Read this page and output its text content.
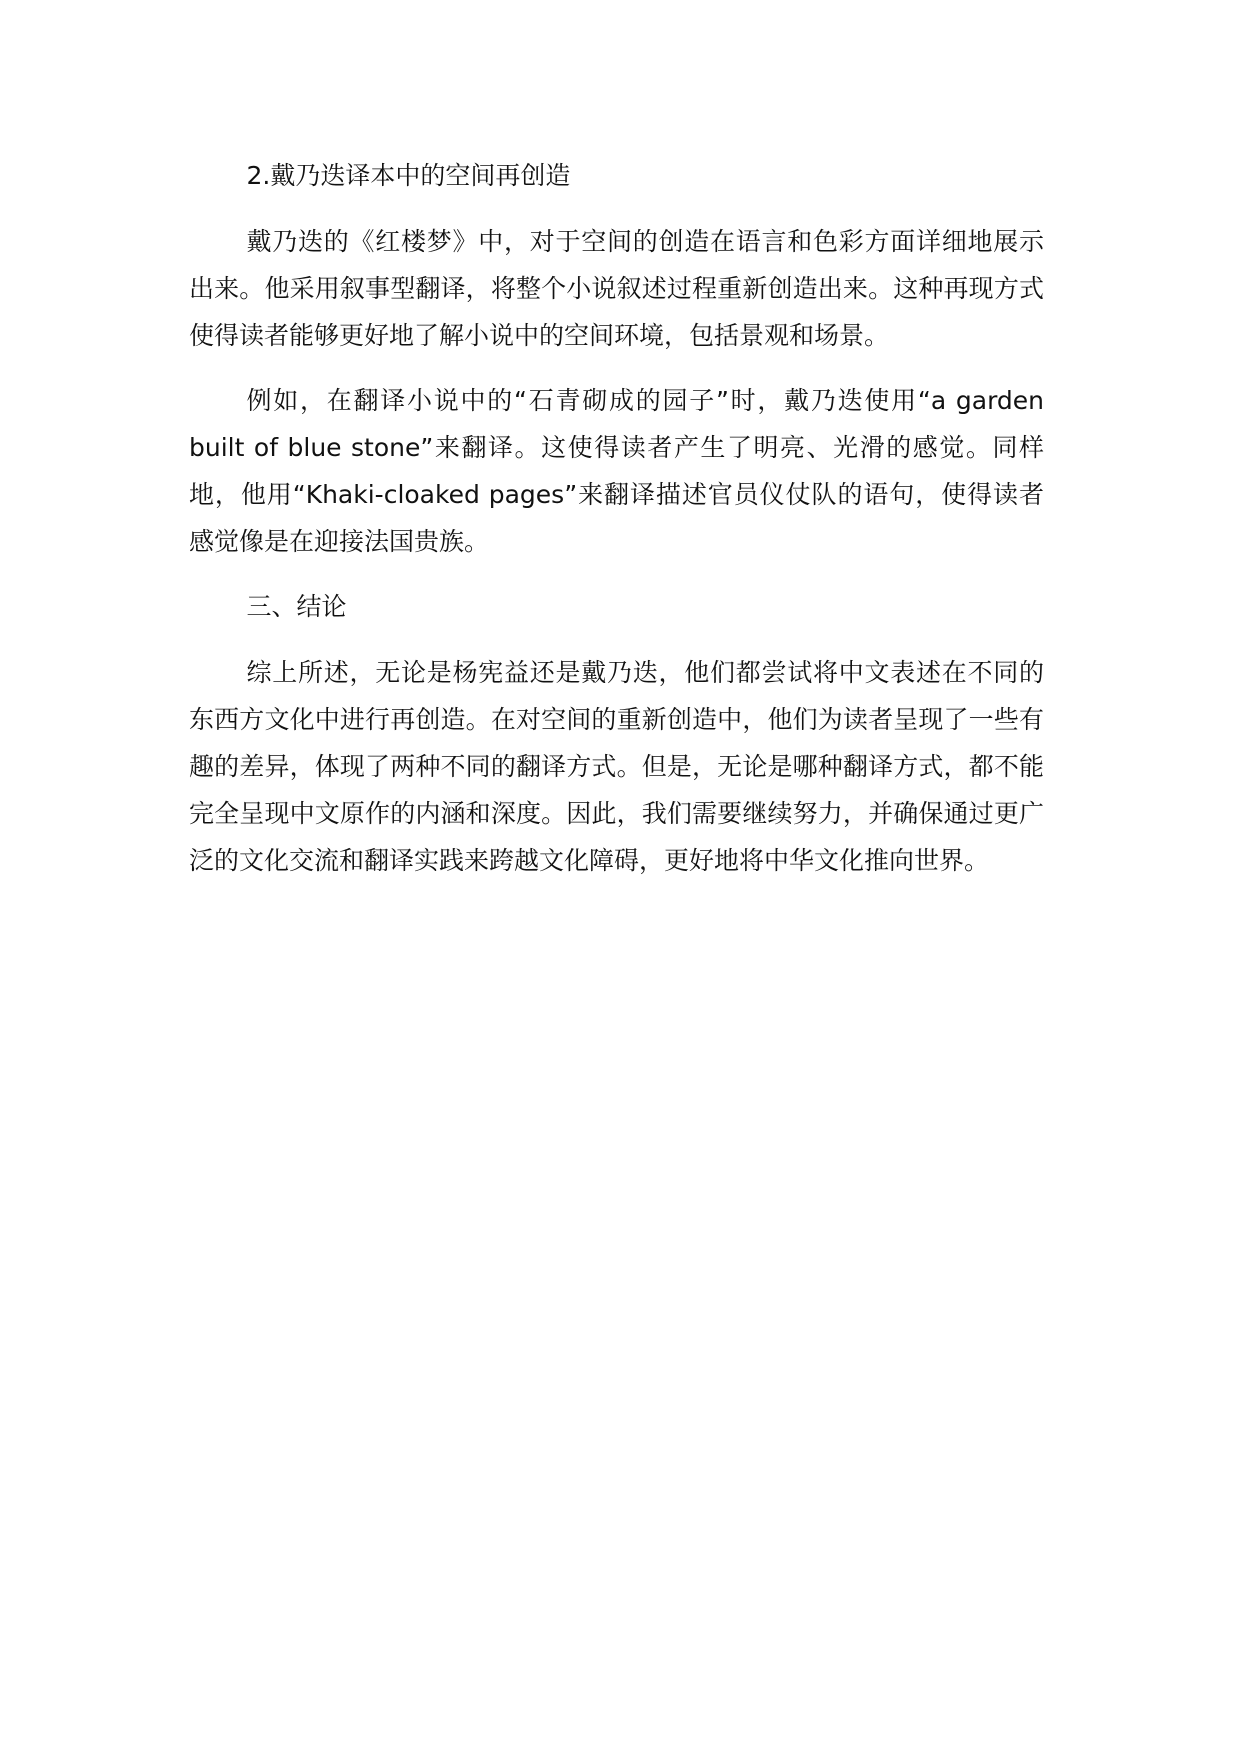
2.戴乃迭译本中的空间再创造

戴乃迭的《红楼梦》中，对于空间的创造在语言和色彩方面详细地展示出来。他采用叙事型翻译，将整个小说叙述过程重新创造出来。这种再现方式使得读者能够更好地了解小说中的空间环境，包括景观和场景。

例如，在翻译小说中的“石青砌成的园子”时，戴乃迭使用“a garden built of blue stone”来翻译。这使得读者产生了明亮、光滑的感觉。同样地，他用“Khaki-cloaked pages”来翻译描述官员仪仗队的语句，使得读者感觉像是在迎接法国贵族。

三、结论

综上所述，无论是杨宪益还是戴乃迭，他们都尝试将中文表述在不同的东西方文化中进行再创造。在对空间的重新创造中，他们为读者呈现了一些有趣的差异，体现了两种不同的翻译方式。但是，无论是哪种翻译方式，都不能完全呈现中文原作的内涵和深度。因此，我们需要继续努力，并确保通过更广泛的文化交流和翻译实践来跨越文化障碍，更好地将中华文化推向世界。
